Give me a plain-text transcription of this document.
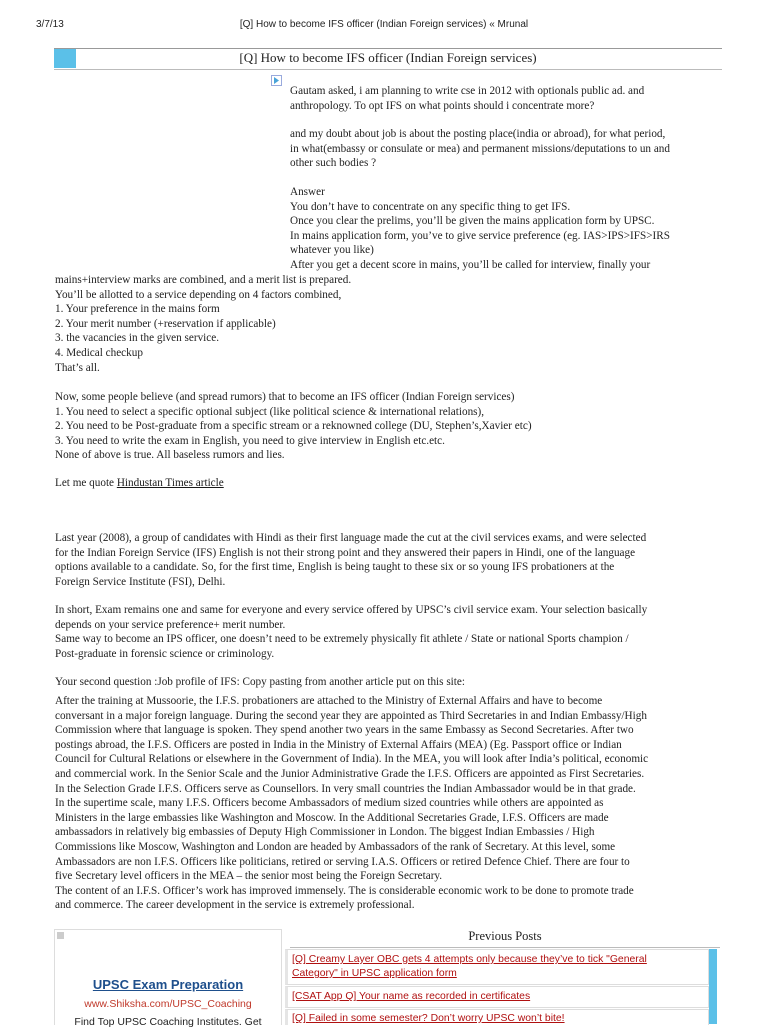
3/7/13	[Q] How to become IFS officer (Indian Foreign services) « Mrunal
[Q] How to become IFS officer (Indian Foreign services)

Gautam asked, i am planning to write cse in 2012 with optionals public ad. and

anthropology. To opt IFS on what points should i concentrate more?

and my doubt about job is about the posting place(india or abroad), for what period,

in what(embassy or consulate or mea) and permanent missions/deputations to un and

other such bodies ?

Answer

You don’t have to concentrate on any specific thing to get IFS.

Once you clear the prelims, you’ll be given the mains application form by UPSC.

In mains application form, you’ve to give service preference (eg. IAS>IPS>IFS>IRS

whatever you like)

After you get a decent score in mains, you’ll be called for interview, finally your

mains+interview marks are combined, and a merit list is prepared.

You’ll be allotted to a service depending on 4 factors combined,

1. Your preference in the mains form

2. Your merit number (+reservation if applicable)

3. the vacancies in the given service.

4. Medical checkup

That’s all.

Now, some people believe (and spread rumors) that to become an IFS officer (Indian Foreign services)

1. You need to select a specific optional subject (like political science & international relations),

2. You need to be Post-graduate from a specific stream or a reknowned college (DU, Stephen’s,Xavier etc)

3. You need to write the exam in English, you need to give interview in English etc.etc.

None of above is true. All baseless rumors and lies.

Let me quote Hindustan Times article

Last year (2008), a group of candidates with Hindi as their first language made the cut at the civil services exams, and were selected

for the Indian Foreign Service (IFS) English is not their strong point and they answered their papers in Hindi, one of the language

options available to a candidate. So, for the first time, English is being taught to these six or so young IFS probationers at the

Foreign Service Institute (FSI), Delhi.

In short, Exam remains one and same for everyone and every service offered by UPSC’s civil service exam. Your selection basically

depends on your service preference+ merit number.

Same way to become an IPS officer, one doesn’t need to be extremely physically fit athlete / State or national Sports champion /

Post-graduate in forensic science or criminology.

Your second question :Job profile of IFS: Copy pasting from another article put on this site:

After the training at Mussoorie, the I.F.S. probationers are attached to the Ministry of External Affairs and have to become

conversant in a major foreign language. During the second year they are appointed as Third Secretaries in and Indian Embassy/High

Commission where that language is spoken. They spend another two years in the same Embassy as Second Secretaries. After two

postings abroad, the I.F.S. Officers are posted in India in the Ministry of External Affairs (MEA) (Eg. Passport office or Indian

Council for Cultural Relations or elsewhere in the Government of India). In the MEA, you will look after India’s political, economic

and commercial work. In the Senior Scale and the Junior Administrative Grade the I.F.S. Officers are appointed as First Secretaries.

In the Selection Grade I.F.S. Officers serve as Counsellors. In very small countries the Indian Ambassador would be in that grade.

In the supertime scale, many I.F.S. Officers become Ambassadors of medium sized countries while others are appointed as

Ministers in the large embassies like Washington and Moscow. In the Additional Secretaries Grade, I.F.S. Officers are made

ambassadors in relatively big embassies of Deputy High Commissioner in London. The biggest Indian Embassies / High

Commissions like Moscow, Washington and London are headed by Ambassadors of the rank of Secretary. At this level, some

Ambassadors are non I.F.S. Officers like politicians, retired or serving I.A.S. Officers or retired Defence Chief. There are four to

five Secretary level officers in the MEA – the senior most being the Foreign Secretary.

The content of an I.F.S. Officer’s work has improved immensely. The is considerable economic work to be done to promote trade

and commerce. The career development in the service is extremely professional.

UPSC Exam Preparation
www.Shiksha.com/UPSC_Coaching
Find Top UPSC Coaching Institutes. Get
Previous Posts
[Q] Creamy Layer OBC gets 4 attempts only because they’ve to tick "General
Category" in UPSC application form
[CSAT App Q] Your name as recorded in certificates
[Q] Failed in some semester? Don’t worry UPSC won’t bite!
